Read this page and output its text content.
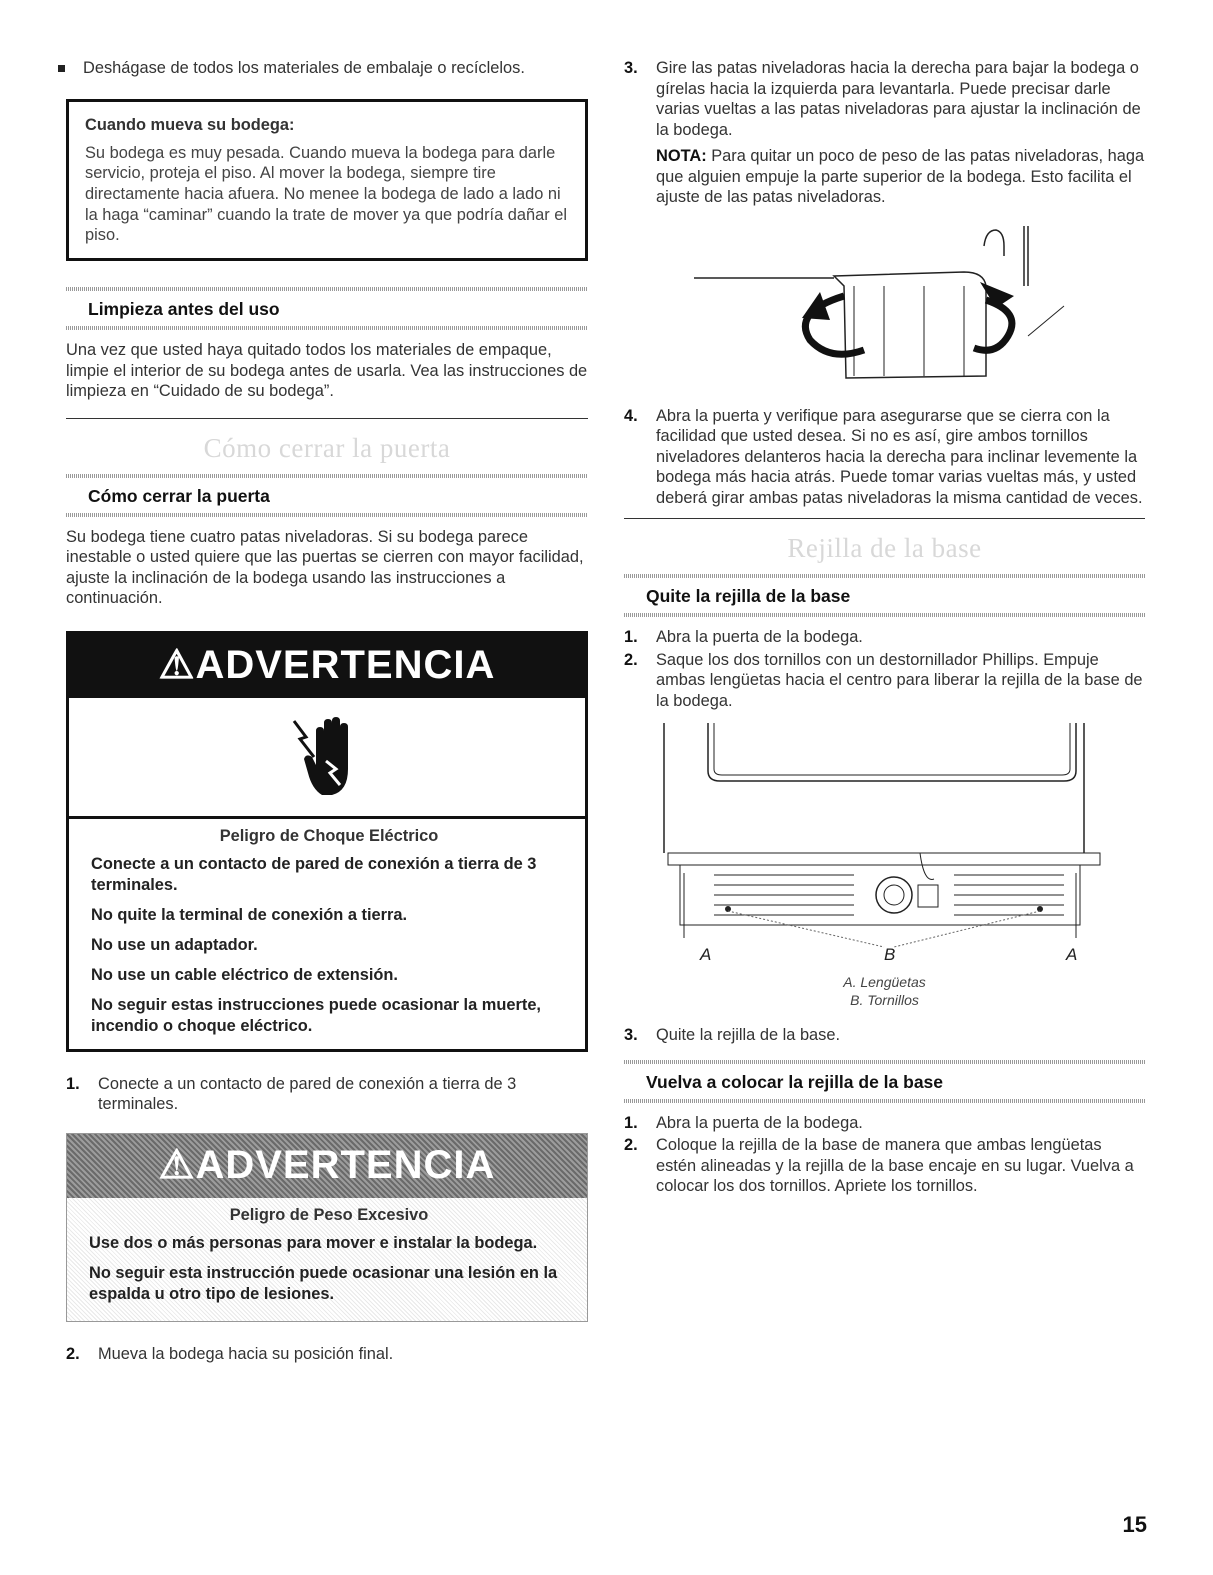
Deshágase de todos los materiales de embalaje o recíclelos.
Cuando mueva su bodega:

Su bodega es muy pesada. Cuando mueva la bodega para darle servicio, proteja el piso. Al mover la bodega, siempre tire directamente hacia afuera. No menee la bodega de lado a lado ni la haga “caminar” cuando la trate de mover ya que podría dañar el piso.

Limpieza antes del uso

Una vez que usted haya quitado todos los materiales de empaque, limpie el interior de su bodega antes de usarla. Vea las instrucciones de limpieza en “Cuidado de su bodega”.

Cómo cerrar la puerta
Cómo cerrar la puerta

Su bodega tiene cuatro patas niveladoras. Si su bodega parece inestable o usted quiere que las puertas se cierren con mayor facilidad, ajuste la inclinación de la bodega usando las instrucciones a continuación.

⚠ADVERTENCIA
Peligro de Choque Eléctrico
Conecte a un contacto de pared de conexión a tierra de 3 terminales.
No quite la terminal de conexión a tierra.
No use un adaptador.
No use un cable eléctrico de extensión.
No seguir estas instrucciones puede ocasionar la muerte, incendio o choque eléctrico.
1.	Conecte a un contacto de pared de conexión a tierra de 3 terminales.
⚠ADVERTENCIA
Peligro de Peso Excesivo
Use dos o más personas para mover e instalar la bodega.
No seguir esta instrucción puede ocasionar una lesión en la espalda u otro tipo de lesiones.
2.	Mueva la bodega hacia su posición final.
3.	Gire las patas niveladoras hacia la derecha para bajar la bodega o gírelas hacia la izquierda para levantarla. Puede precisar darle varias vueltas a las patas niveladoras para ajustar la inclinación de la bodega.

NOTA: Para quitar un poco de peso de las patas niveladoras, haga que alguien empuje la parte superior de la bodega. Esto facilita el ajuste de las patas niveladoras.

4.	Abra la puerta y verifique para asegurarse que se cierra con la facilidad que usted desea. Si no es así, gire ambos tornillos niveladores delanteros hacia la derecha para inclinar levemente la bodega más hacia atrás. Puede tomar varias vueltas más, y usted deberá girar ambas patas niveladoras la misma cantidad de veces.
Rejilla de la base
Quite la rejilla de la base
1.	Abra la puerta de la bodega.
2.	Saque los dos tornillos con un destornillador Phillips. Empuje ambas lengüetas hacia el centro para liberar la rejilla de la base de la bodega.
A	B	A
A. Lengüetas
B. Tornillos
3.	Quite la rejilla de la base.
Vuelva a colocar la rejilla de la base
1.	Abra la puerta de la bodega.
2.	Coloque la rejilla de la base de manera que ambas lengüetas estén alineadas y la rejilla de la base encaje en su lugar. Vuelva a colocar los dos tornillos. Apriete los tornillos.
15
